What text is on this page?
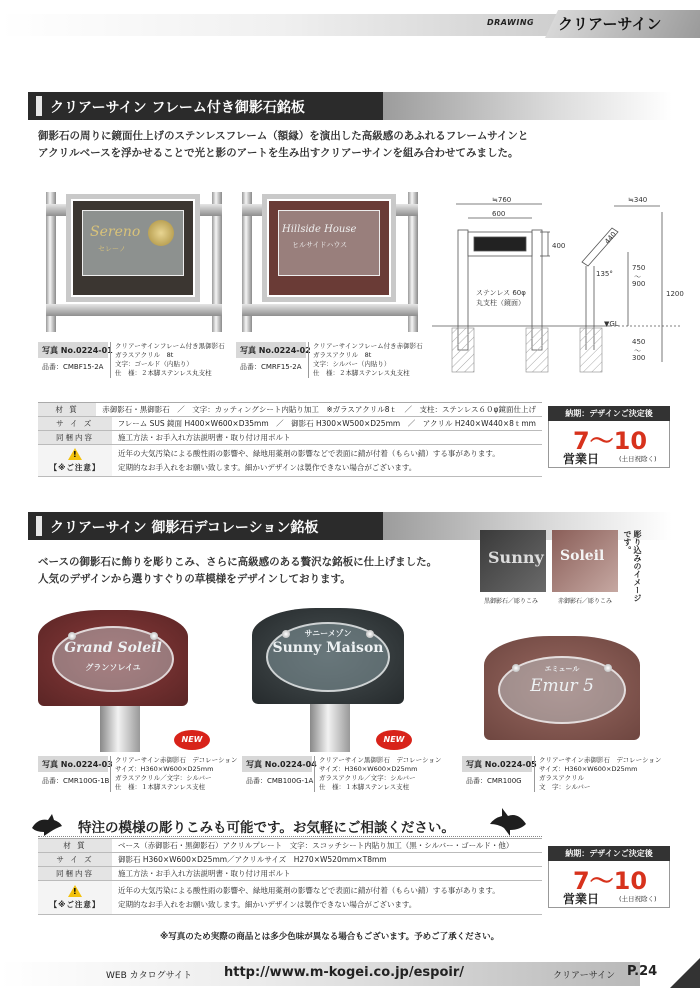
DRAWING クリアーサイン
クリアーサイン フレーム付き御影石銘板
御影石の周りに鏡面仕上げのステンレスフレーム（額縁）を演出した高級感のあふれるフレームサインと
アクリルベースを浮かせることで光と影のアートを生み出すクリアーサインを組み合わせてみました。
Sereno
セレーノ
Hillside House
ヒルサイドハウス
≒760
600
400
ステンレス 60φ
丸支柱（鏡面）
≒340
440
135°
750
〜
900
1200
▼GL
450
〜
300
写真 No.0224-01
品番：CMBF15-2A
クリアーサインフレーム付き黒御影石
ガラスアクリル　8t
文字：ゴールド（内貼り）
仕　様：２本脚ステンレス丸支柱
写真 No.0224-02
品番：CMRF15-2A
クリアーサインフレーム付き赤御影石
ガラスアクリル　8t
文字：シルバー（内貼り）
仕　様：２本脚ステンレス丸支柱
材 質	赤御影石・黒御影石　／　文字：カッティングシート内貼り加工　※ガラスアクリル8ｔ　／　支柱：ステンレス６０φ鏡面仕上げ
サ イ ズ	フレーム SUS 鏡面 H400×W600×D35mm　／　御影石 H300×W500×D25mm　／　アクリル H240×W440×8ｔmm
同梱内容	施工方法・お手入れ方法説明書・取り付け用ボルト
!
【※ご注意】
近年の大気汚染による酸性雨の影響や、緑地用薬剤の影響などで表面に錆が付着（もらい錆）する事があります。
定期的なお手入れをお願い致します。細かいデザインは製作できない場合がございます。
納期：デザインご決定後
7～10
営業日	(土日祝除く)
クリアーサイン 御影石デコレーション銘板
ベースの御影石に飾りを彫りこみ、さらに高級感のある贅沢な銘板に仕上げました。
人気のデザインから選りすぐりの草模様をデザインしております。
Sunny Soleil
黒御影石／彫りこみ	赤御影石／彫りこみ	彫り込みのイメージです。
Grand Soleil
グランソレイユ
NEW
サニーメゾン
Sunny Maison
NEW
エミュール
Emur 5
写真 No.0224-03
品番：CMR100G-1B
クリアーサイン赤御影石　デコレーション
サイズ：H360×W600×D25mm
ガラスアクリル／文字：シルバー
仕　様：１本脚ステンレス支柱
写真 No.0224-04
品番：CMB100G-1A
クリアーサイン黒御影石　デコレーション
サイズ：H360×W600×D25mm
ガラスアクリル／文字：シルバー
仕　様：１本脚ステンレス支柱
写真 No.0224-05
品番：CMR100G
クリアーサイン赤御影石　デコレーション
サイズ：H360×W600×D25mm
ガラスアクリル
文　字：シルバー
特注の模様の彫りこみも可能です。お気軽にご相談ください。
材 質	ベース（赤御影石・黒御影石）アクリルプレート　文字：スコッチシート内貼り加工（黒・シルバー・ゴールド・他）
サ イ ズ	御影石 H360×W600×D25mm／アクリルサイズ　H270×W520mm×T8mm
同梱内容	施工方法・お手入れ方法説明書・取り付け用ボルト
!
【※ご注意】
近年の大気汚染による酸性雨の影響や、緑地用薬剤の影響などで表面に錆が付着（もらい錆）する事があります。
定期的なお手入れをお願い致します。細かいデザインは製作できない場合がございます。
納期：デザインご決定後
7～10
営業日	(土日祝除く)
※写真のため実際の商品とは多少色味が異なる場合もございます。予めご了承ください。
WEB カタログサイト http://www.m-kogei.co.jp/espoir/	クリアーサイン P.24
